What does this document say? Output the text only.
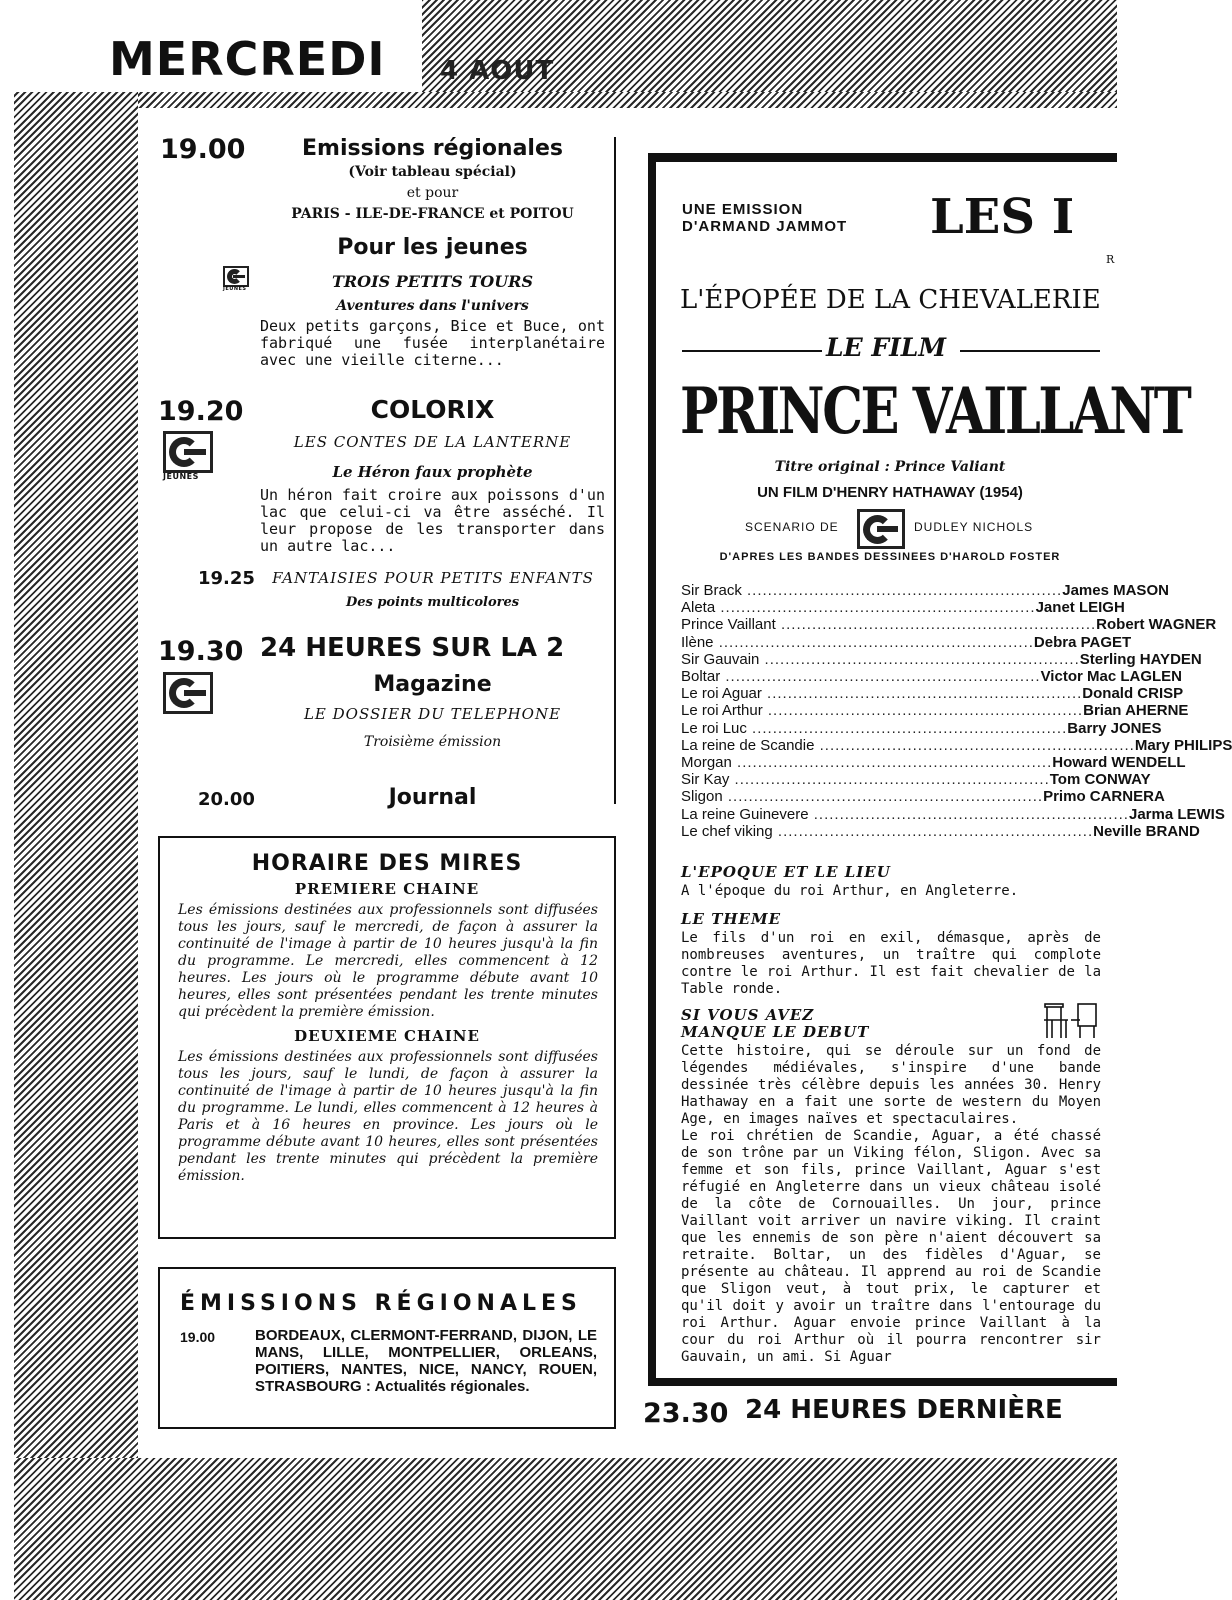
MERCREDI	4 AOUT
19.00	Emissions régionales
(Voir tableau spécial)
et pour
PARIS - ILE-DE-FRANCE et POITOU
Pour les jeunes
JEUNES	TROIS PETITS TOURS
Aventures dans l'univers
Deux petits garçons, Bice et Buce, ont fabriqué une fusée interplanétaire avec une vieille citerne...
19.20
JEUNES
COLORIX
LES CONTES DE LA LANTERNE
Le Héron faux prophète
Un héron fait croire aux poissons d'un lac que celui-ci va être asséché. Il leur propose de les transporter dans un autre lac...
19.25	FANTAISIES POUR PETITS ENFANTS
Des points multicolores
19.30 24 HEURES SUR LA 2
Magazine
LE DOSSIER DU TELEPHONE
Troisième émission
20.00	Journal
HORAIRE DES MIRES
PREMIERE CHAINE

Les émissions destinées aux professionnels sont diffusées tous les jours, sauf le mercredi, de façon à assurer la continuité de l'image à partir de 10 heures jusqu'à la fin du programme. Le mercredi, elles commencent à 12 heures. Les jours où le programme débute avant 10 heures, elles sont présentées pendant les trente minutes qui précèdent la première émission.

DEUXIEME CHAINE

Les émissions destinées aux professionnels sont diffusées tous les jours, sauf le lundi, de façon à assurer la continuité de l'image à partir de 10 heures jusqu'à la fin du programme. Le lundi, elles commencent à 12 heures à Paris et à 16 heures en province. Les jours où le programme débute avant 10 heures, elles sont présentées pendant les trente minutes qui précèdent la première émission.

ÉMISSIONS RÉGIONALES
19.00	BORDEAUX, CLERMONT-FERRAND, DIJON, LE MANS, LILLE, MONTPELLIER, ORLEANS, POITIERS, NANTES, NICE, NANCY, ROUEN, STRASBOURG : Actualités régionales.
UNE EMISSION
D'ARMAND JAMMOT LES I
R
L'ÉPOPÉE DE LA CHEVALERIE
LE FILM
PRINCE VAILLANT
Titre original : Prince Valiant
UN FILM D'HENRY HATHAWAY (1954)
SCENARIO DE	DUDLEY NICHOLS
D'APRES LES BANDES DESSINEES D'HAROLD FOSTER
Sir Brack ............................................................. James MASON
Aleta ............................................................. Janet LEIGH
Prince Vaillant ............................................................. Robert WAGNER
Ilène ............................................................. Debra PAGET
Sir Gauvain ............................................................. Sterling HAYDEN
Boltar ............................................................. Victor Mac LAGLEN
Le roi Aguar ............................................................. Donald CRISP
Le roi Arthur ............................................................. Brian AHERNE
Le roi Luc ............................................................. Barry JONES
La reine de Scandie ............................................................. Mary PHILIPS
Morgan ............................................................. Howard WENDELL
Sir Kay ............................................................. Tom CONWAY
Sligon ............................................................. Primo CARNERA
La reine Guinevere ............................................................. Jarma LEWIS
Le chef viking ............................................................. Neville BRAND
L'EPOQUE ET LE LIEU
A l'époque du roi Arthur, en Angleterre.
LE THEME
Le fils d'un roi en exil, démasque, après de nombreuses aventures, un traître qui complote contre le roi Arthur. Il est fait chevalier de la Table ronde.
SI VOUS AVEZ
MANQUE LE DEBUT
Cette histoire, qui se déroule sur un fond de légendes médiévales, s'inspire d'une bande dessinée très célèbre depuis les années 30. Henry Hathaway en a fait une sorte de western du Moyen Age, en images naïves et spectaculaires.
Le roi chrétien de Scandie, Aguar, a été chassé de son trône par un Viking félon, Sligon. Avec sa femme et son fils, prince Vaillant, Aguar s'est réfugié en Angleterre dans un vieux château isolé de la côte de Cornouailles. Un jour, prince Vaillant voit arriver un navire viking. Il craint que les ennemis de son père n'aient découvert sa retraite. Boltar, un des fidèles d'Aguar, se présente au château. Il apprend au roi de Scandie que Sligon veut, à tout prix, le capturer et qu'il doit y avoir un traître dans l'entourage du roi Arthur. Aguar envoie prince Vaillant à la cour du roi Arthur où il pourra rencontrer sir Gauvain, un ami. Si Aguar
23.30 24 HEURES DERNIÈRE
